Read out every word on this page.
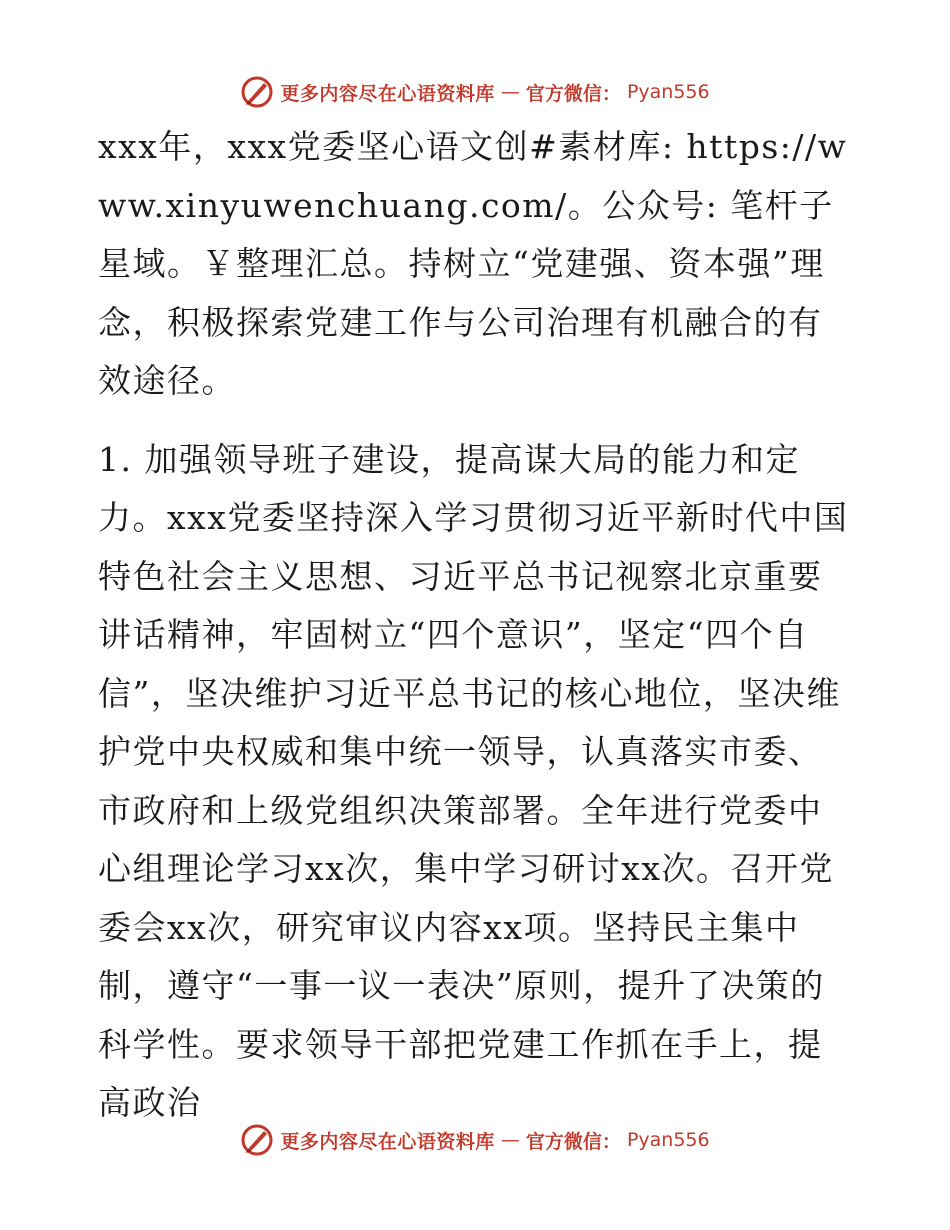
更多内容尽在心语资料库 — 官方微信： Pyan556

xxx年，xxx党委坚心语文创#素材库: https://www.xinyuwenchuang.com/。公众号: 笔杆子星域。￥整理汇总。持树立“党建强、资本强”理念，积极探索党建工作与公司治理有机融合的有效途径。

1. 加强领导班子建设，提高谋大局的能力和定力。xxx党委坚持深入学习贯彻习近平新时代中国特色社会主义思想、习近平总书记视察北京重要讲话精神，牢固树立“四个意识”，坚定“四个自信”，坚决维护习近平总书记的核心地位，坚决维护党中央权威和集中统一领导，认真落实市委、市政府和上级党组织决策部署。全年进行党委中心组理论学习xx次，集中学习研讨xx次。召开党委会xx次，研究审议内容xx项。坚持民主集中制，遵守“一事一议一表决”原则，提升了决策的科学性。要求领导干部把党建工作抓在手上，提高政治

更多内容尽在心语资料库 — 官方微信： Pyan556
